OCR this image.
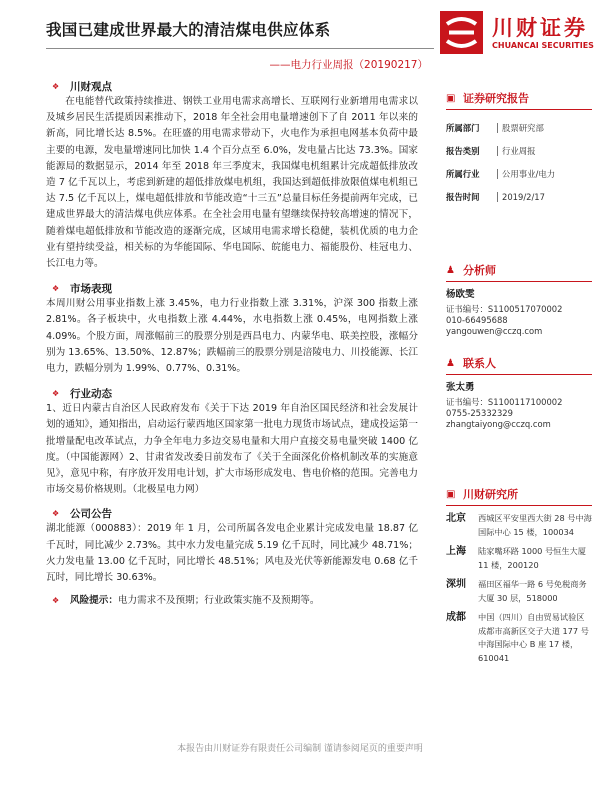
我国已建成世界最大的清洁煤电供应体系
——电力行业周报（20190217）
川财证券
CHUANCAI SECURITIES
❖	川财观点

在电能替代政策持续推进、钢铁工业用电需求高增长、互联网行业新增用电需求以及城乡居民生活提质因素推动下，2018 年全社会用电量增速创下了自 2011 年以来的新高，同比增长达 8.5%。在旺盛的用电需求带动下，火电作为承担电网基本负荷中最主要的电源，发电量增速同比加快 1.4 个百分点至 6.0%，发电量占比达 73.3%。国家能源局的数据显示，2014 年至 2018 年三季度末，我国煤电机组累计完成超低排放改造 7 亿千瓦以上，考虑到新建的超低排放煤电机组，我国达到超低排放限值煤电机组已达 7.5 亿千瓦以上，煤电超低排放和节能改造“十三五”总量目标任务提前两年完成，已建成世界最大的清洁煤电供应体系。在全社会用电量有望继续保持较高增速的情况下，随着煤电超低排放和节能改造的逐渐完成，区域用电需求增长稳健，装机优质的电力企业有望持续受益，相关标的为华能国际、华电国际、皖能电力、福能股份、桂冠电力、长江电力等。

❖	市场表现

本周川财公用事业指数上涨 3.45%，电力行业指数上涨 3.31%，沪深 300 指数上涨 2.81%。各子板块中，火电指数上涨 4.44%，水电指数上涨 0.45%，电网指数上涨 4.09%。个股方面，周涨幅前三的股票分别是西昌电力、内蒙华电、联美控股，涨幅分别为 13.65%、13.50%、12.87%；跌幅前三的股票分别是涪陵电力、川投能源、长江电力，跌幅分别为 1.99%、0.77%、0.31%。

❖	行业动态

1、近日内蒙古自治区人民政府发布《关于下达 2019 年自治区国民经济和社会发展计划的通知》，通知指出，启动运行蒙西地区国家第一批电力现货市场试点，建成投运第一批增量配电改革试点，力争全年电力多边交易电量和大用户直接交易电量突破 1400 亿度。（中国能源网）2、甘肃省发改委日前发布了《关于全面深化价格机制改革的实施意见》，意见中称，有序放开发用电计划，扩大市场形成发电、售电价格的范围。完善电力市场交易价格规则。（北极星电力网）

❖	公司公告

湖北能源（000883）：2019 年 1 月，公司所属各发电企业累计完成发电量 18.87 亿千瓦时，同比减少 2.73%。其中水力发电量完成 5.19 亿千瓦时，同比减少 48.71%；火力发电量 13.00 亿千瓦时，同比增长 48.51%；风电及光伏等新能源发电 0.68 亿千瓦时，同比增长 30.63%。

❖	风险提示： 电力需求不及预期；行业政策实施不及预期等。
▣ 证券研究报告
所属部门	股票研究部
报告类别	行业周报
所属行业	公用事业/电力
报告时间	2019/2/17
♟ 分析师
杨欧雯
证书编号：S1100517070002
010-66495688
yangouwen@cczq.com
♟ 联系人
张太勇
证书编号：S1100117100002
0755-25332329
zhangtaiyong@cczq.com
▣ 川财研究所
北京	西城区平安里西大街 28 号中海国际中心 15 楼，100034
上海	陆家嘴环路 1000 号恒生大厦 11 楼，200120
深圳	福田区福华一路 6 号免税商务大厦 30 层，518000
成都	中国（四川）自由贸易试验区成都市高新区交子大道 177 号中海国际中心 B 座 17 楼，610041
本报告由川财证券有限责任公司编制 谨请参阅尾页的重要声明
